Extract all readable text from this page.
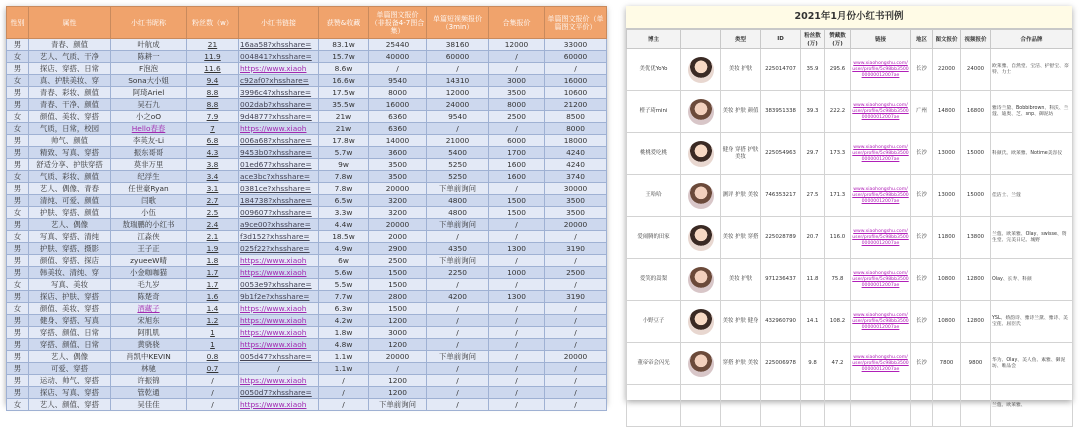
性别	属性	小红书昵称	粉丝数（w）	小红书链接	获赞&收藏	单篇图文报价（非报备4-7图合集）	单篇短视频报价（3min）	合集报价	单篇图文报价（单篇图文平价）
男	青春、颜值	叶航成	21	16aa58?xhsshare=	83.1w	25440	38160	12000	33000
女	艺人、气质、干净	陈耕一	11.9	004841?xhsshare=	15.7w	40000	60000	/	60000
男	探店、穿搭、日常	F泡泡	11.6	https://www.xiaoh	8.6w	/	/	/	/
女	真、护肤美妆、穿	Sona大小姐	9.4	c92af0?xhsshare=	16.6w	9540	14310	3000	16000
男	青春、彩妆、颜值	阿琦Ariel	8.8	3996c4?xhsshare=	17.5w	8000	12000	3500	10600
男	青春、干净、颜值	吴石九	8.8	002dab?xhsshare=	35.5w	16000	24000	8000	21200
女	颜值、美妆、穿搭	小之oO	7.9	9d4877?xhsshare=	21w	6360	9540	2500	8500
女	气质，日常，校园	Hello春春	7	https://www.xiaoh	21w	6360	/	/	8000
男	帅气、颜值	李英友-Li	6.8	006a68?xhsshare=	17.8w	14000	21000	6000	18000
男	精致、写真、穿搭	振东哥哥	4.3	9453b0?xhsshare=	5.7w	3600	5400	1700	4240
男	舒适分享、护肤穿搭	莫非万里	3.8	01ed67?xhsshare=	9w	3500	5250	1600	4240
女	气质、彩妆、颜值	纪浮生	3.4	ace3bc?xhsshare=	7.8w	3500	5250	1600	3740
男	艺人、偶像、青春	任世豪Ryan	3.1	0381ce?xhsshare=	7.8w	20000	下单前询问	/	30000
男	清纯、可爱、颜值	闫歌	2.7	184738?xhsshare=	6.5w	3200	4800	1500	3500
女	护肤、穿搭、颜值	小伍	2.5	009607?xhsshare=	3.3w	3200	4800	1500	3500
男	艺人、偶像	敖瑞鹏的小红书	2.4	a9ce00?xhsshare=	4.4w	20000	下单前询问	/	20000
女	写真、穿搭、清纯	江淼侠	2.1	f3d152?xhsshare=	18.5w	2000	/	/	/
男	护肤、穿搭、摄影	王子正	1.9	025f22?xhsshare=	4.9w	2900	4350	1300	3190
男	颜值、穿搭、探店	zyueeW晴	1.8	https://www.xiaoh	6w	2500	下单前询问	/	/
男	韩美妆、清纯、穿	小金咖咖猫	1.7	https://www.xiaoh	5.6w	1500	2250	1000	2500
女	写真、美妆	毛九岁	1.7	0053e9?xhsshare=	5.5w	1500	/	/	/
男	探店、护肤、穿搭	陈楚奇	1.6	9b1f2e?xhsshare=	7.7w	2800	4200	1300	3190
女	颜值、美妆、穿搭	酒藏子	1.4	https://www.xiaoh	6.3w	1500	/	/	/
男	健身、穿搭、写真	宋旭东	1.2	https://www.xiaoh	4.2w	1200	/	/	/
男	穿搭、颜值、日常	阿肌肌	1	https://www.xiaoh	1.8w	3000	/	/	/
男	穿搭、颜值、日常	黄骁骁	1	https://www.xiaoh	4.8w	1200	/	/	/
男	艺人、偶像	肖凯中KEVIN	0.8	005d47?xhsshare=	1.1w	20000	下单前询问	/	20000
男	可爱、穿搭	林驰	0.7	/	1.1w	/	/	/	/
男	运动、帅气、穿搭	许振锦	/	https://www.xiaoh	/	1200	/	/	/
男	探店、写真、穿搭	管乾通	/	0050d7?xhsshare=	/	1200	/	/	/
女	艺人、颜值、穿搭	吴佳佳	/	https://www.xiaoh	/	下单前询问	/	/	/
2021年1月份小红书刊例
博主		类型	ID	粉丝数(万)	赞藏数(万)	链接	地区	图文报价	视频报价	合作品牌
美优优YoYo		美妆 护肤	225014707	35.9	295.6	www.xiaohongshu.com/user/profile/5c98bb350000000012007ae	长沙	22000	24000	欧莱雅、自然堂、宝洁、护舒宝、奈特、力士
橙子琦mini		美妆 护肤 颜值	383951338	39.3	222.2	www.xiaohongshu.com/user/profile/5c98bb350000000012007ae	广州	14800	16800	雅诗兰黛、Bobbibrown、科沃、兰蔻、迪奥、芝、snp、御泥坊
桃桃爱吃桃		健身 穿搭 护肤 美妆	225054963	29.7	173.3	www.xiaohongshu.com/user/profile/5c98bb350000000012007ae	长沙	13000	15000	科颜氏、欧莱雅、Notime美容仪
王哈哈		测评 护肤 美妆	746353217	27.5	171.3	www.xiaohongshu.com/user/profile/5c98bb350000000012007ae	长沙	13000	15000	佳洁士、兰蔻
爱闹腾的田家		美妆 护肤 穿搭	225028789	20.7	116.0	www.xiaohongshu.com/user/profile/5c98bb350000000012007ae	长沙	11800	13800	兰蔻、欧莱雅、Olay、swisse、资生堂、完美日记、城野
爱笑的嵩梨		美妆 护肤	971236437	11.8	75.8	www.xiaohongshu.com/user/profile/5c98bb350000000012007ae	长沙	10800	12800	Olay、长寿、科颜
小野豆子		美妆 护肤 健身	432960790	14.1	108.2	www.xiaohongshu.com/user/profile/5c98bb350000000012007ae	长沙	10800	12800	YSL、娇韵诗、雅诗兰黛、雅诗、美宝莲、屈臣氏
董帝帝会闪光		穿搭 护肤 美妆	225006978	9.8	47.2	www.xiaohongshu.com/user/profile/5c98bb350000000012007ae	长沙	7800	9800	华为、Olay、美人鱼、素雅、御泥坊、唯品会
										兰蔻、欧莱雅、
